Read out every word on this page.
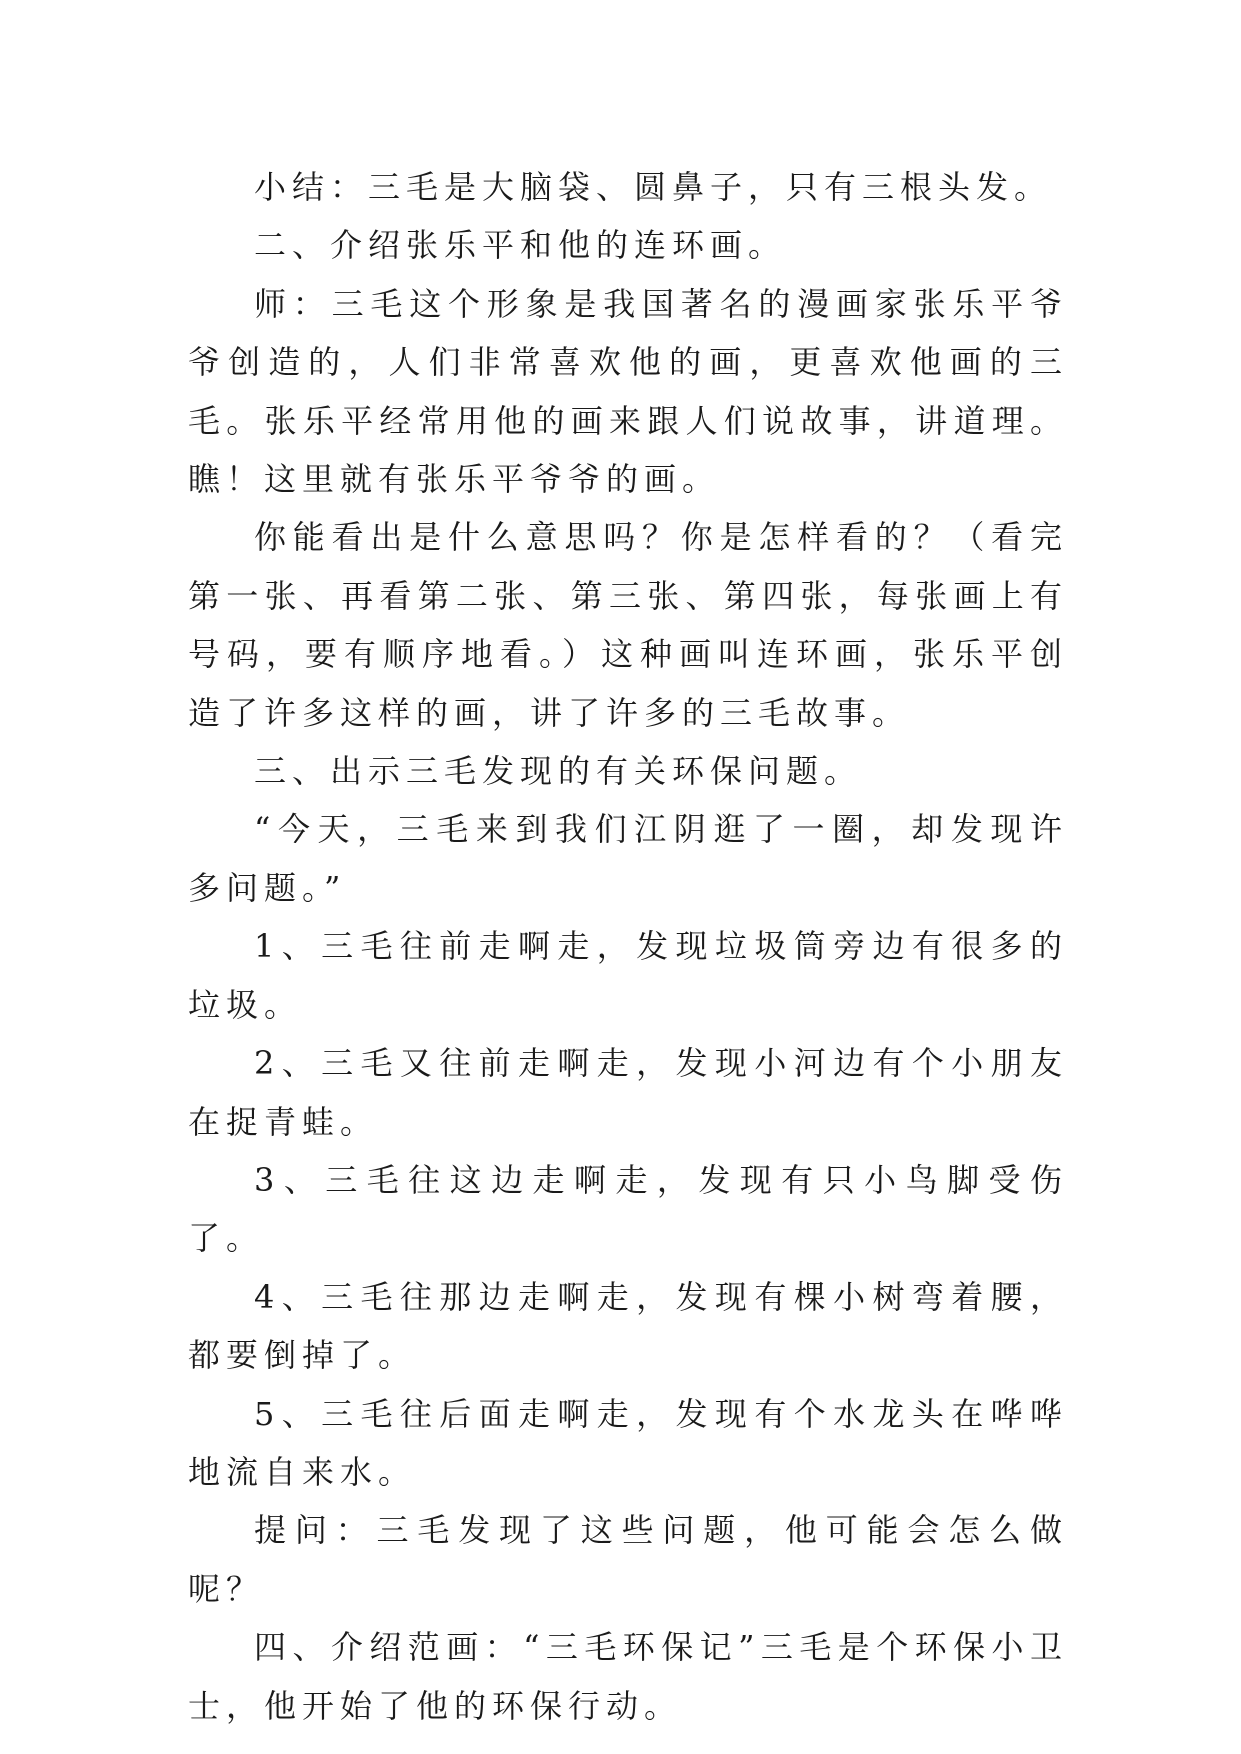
小结：三毛是大脑袋、圆鼻子，只有三根头发。

二、介绍张乐平和他的连环画。

师：三毛这个形象是我国著名的漫画家张乐平爷爷创造的，人们非常喜欢他的画，更喜欢他画的三毛。张乐平经常用他的画来跟人们说故事，讲道理。瞧！这里就有张乐平爷爷的画。

你能看出是什么意思吗？你是怎样看的？（看完第一张、再看第二张、第三张、第四张，每张画上有号码，要有顺序地看。）这种画叫连环画，张乐平创造了许多这样的画，讲了许多的三毛故事。

三、出示三毛发现的有关环保问题。

“今天，三毛来到我们江阴逛了一圈，却发现许多问题。”

1、三毛往前走啊走，发现垃圾筒旁边有很多的垃圾。

2、三毛又往前走啊走，发现小河边有个小朋友在捉青蛙。

3、三毛往这边走啊走，发现有只小鸟脚受伤了。

4、三毛往那边走啊走，发现有棵小树弯着腰，都要倒掉了。

5、三毛往后面走啊走，发现有个水龙头在哗哗地流自来水。

提问：三毛发现了这些问题，他可能会怎么做呢？

四、介绍范画：“三毛环保记”三毛是个环保小卫士，他开始了他的环保行动。
